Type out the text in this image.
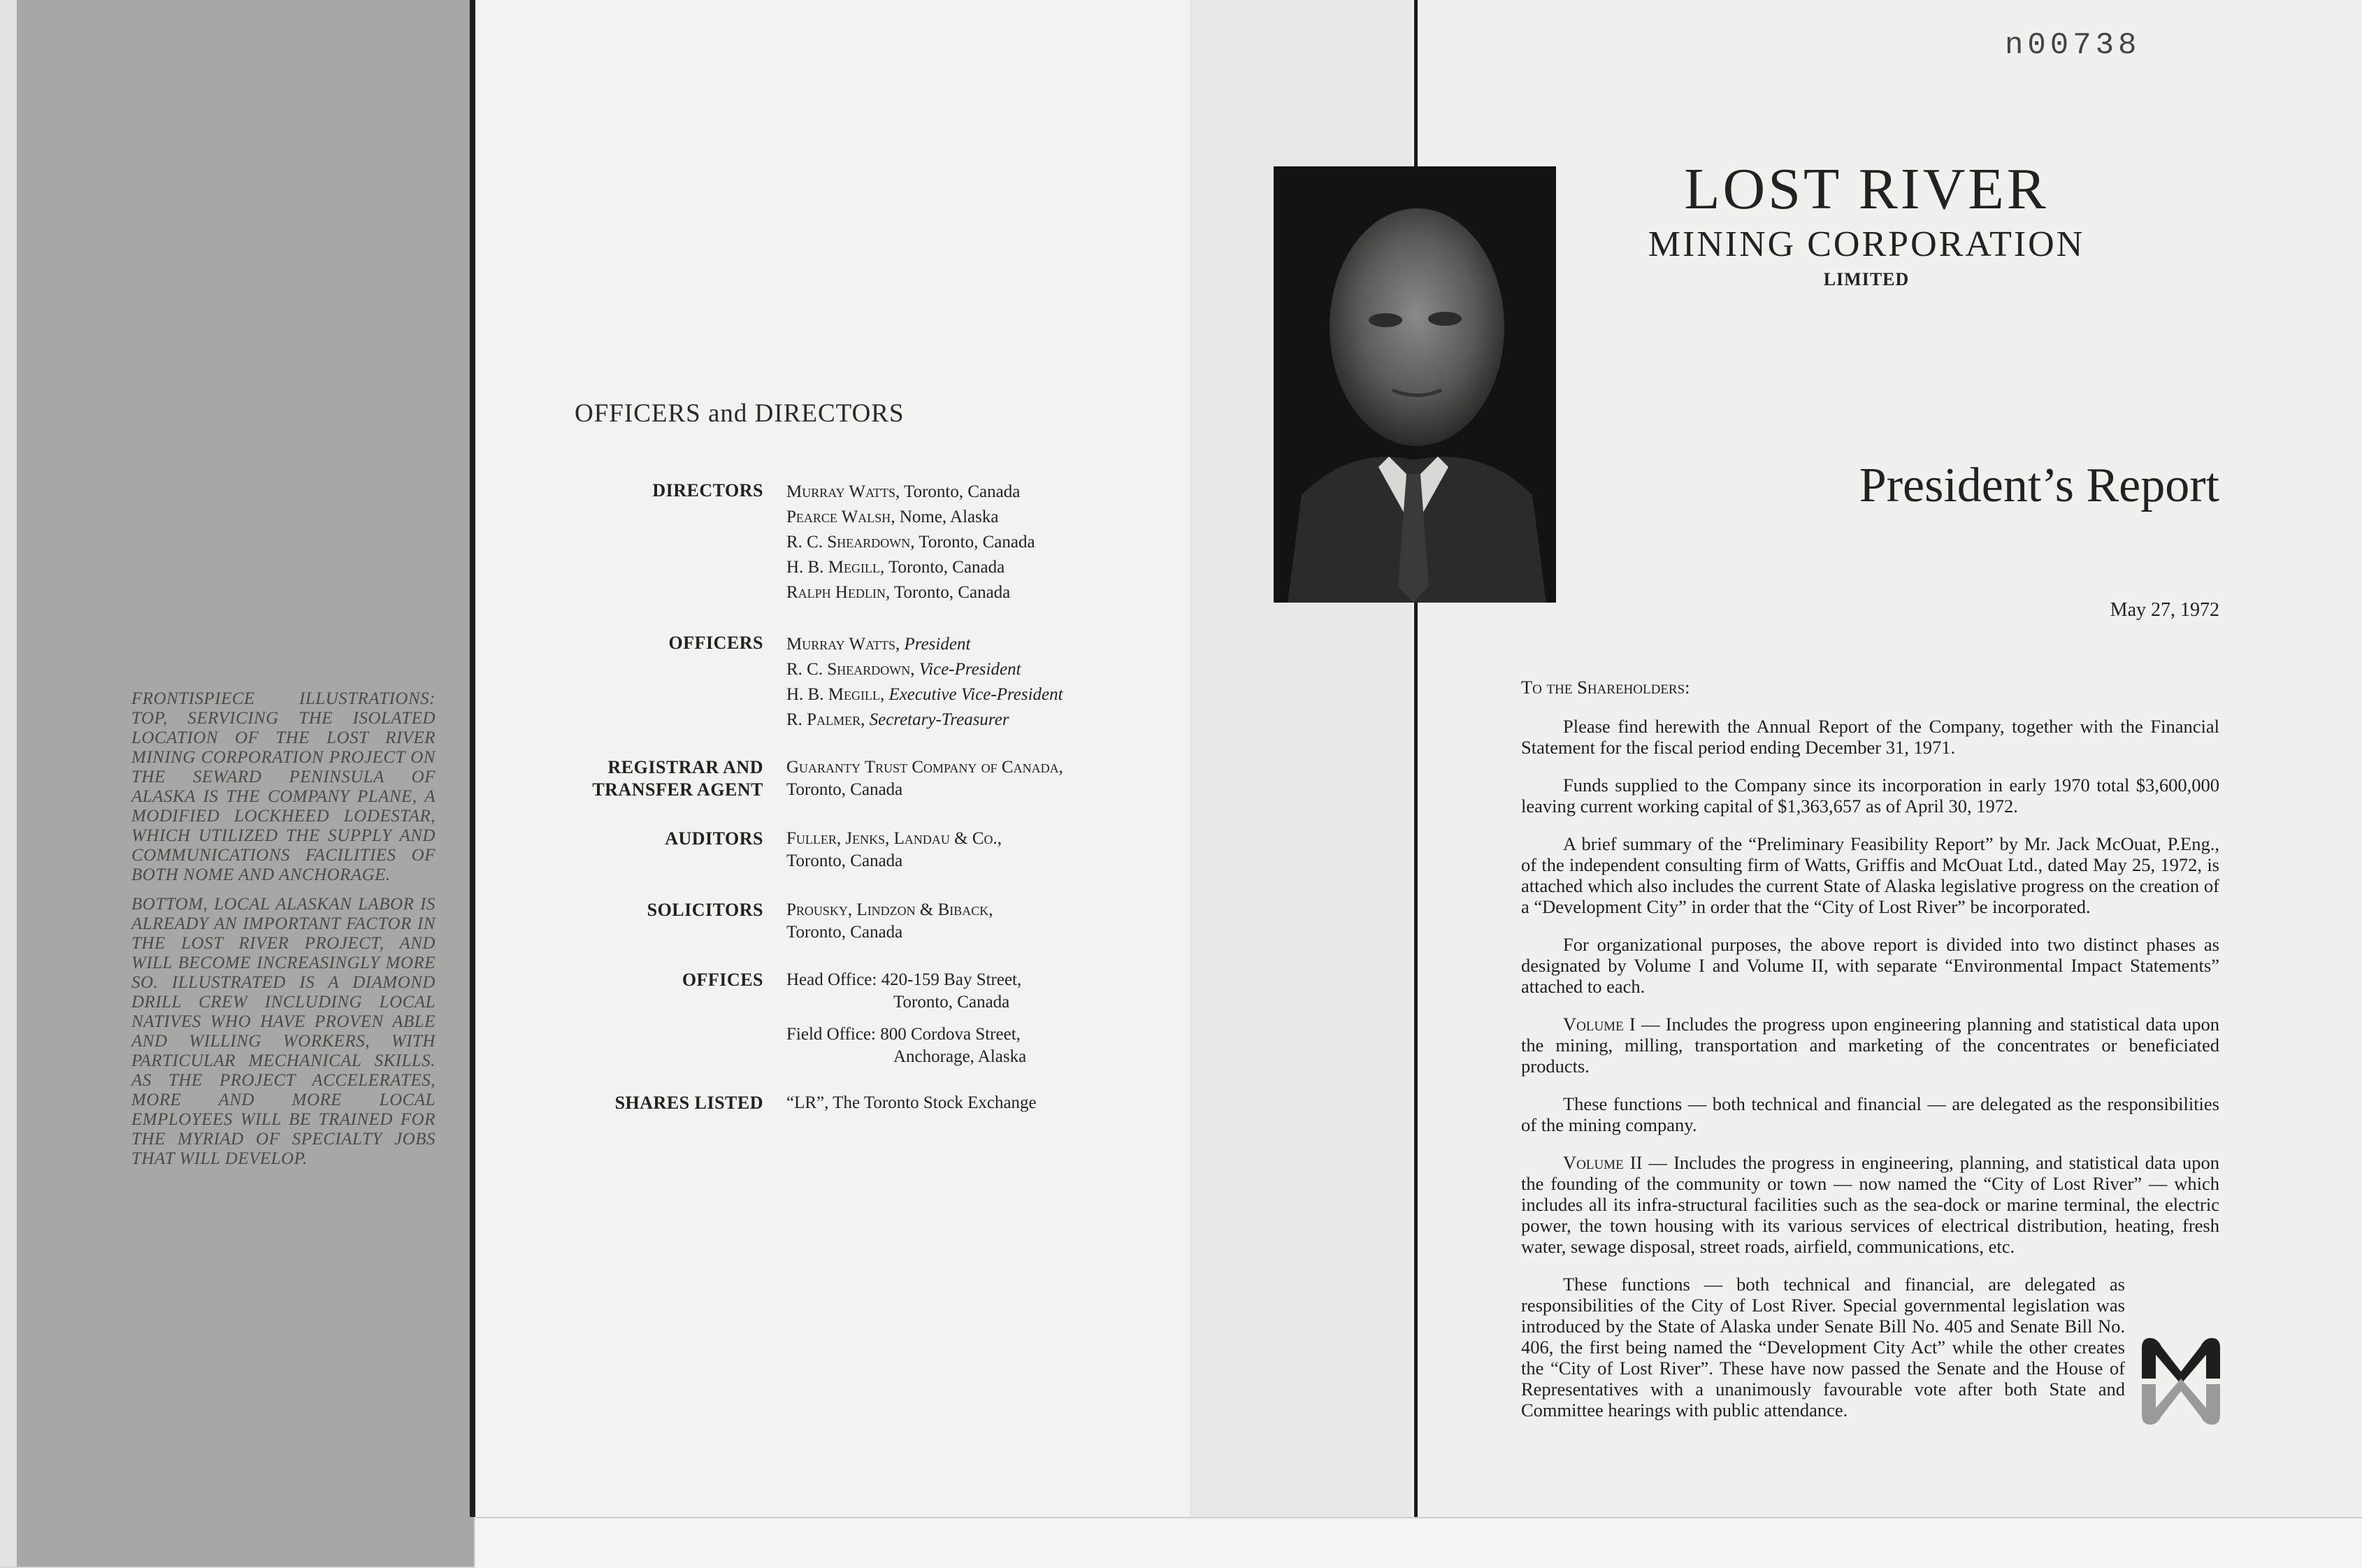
FRONTISPIECE ILLUSTRATIONS: TOP, SERVICING THE ISOLATED LOCATION OF THE LOST RIVER MINING CORPORATION PROJECT ON THE SEWARD PENINSULA OF ALASKA IS THE COMPANY PLANE, A MODIFIED LOCKHEED LODESTAR, WHICH UTILIZED THE SUPPLY AND COMMUNICATIONS FACILITIES OF BOTH NOME AND ANCHORAGE.

BOTTOM, LOCAL ALASKAN LABOR IS ALREADY AN IMPORTANT FACTOR IN THE LOST RIVER PROJECT, AND WILL BECOME INCREASINGLY MORE SO. ILLUSTRATED IS A DIAMOND DRILL CREW INCLUDING LOCAL NATIVES WHO HAVE PROVEN ABLE AND WILLING WORKERS, WITH PARTICULAR MECHANICAL SKILLS. AS THE PROJECT ACCELERATES, MORE AND MORE LOCAL EMPLOYEES WILL BE TRAINED FOR THE MYRIAD OF SPECIALTY JOBS THAT WILL DEVELOP.

OFFICERS and DIRECTORS
DIRECTORS Murray Watts, Toronto, Canada
Pearce Walsh, Nome, Alaska
R. C. Sheardown, Toronto, Canada
H. B. Megill, Toronto, Canada
Ralph Hedlin, Toronto, Canada
OFFICERS Murray Watts, President
R. C. Sheardown, Vice-President
H. B. Megill, Executive Vice-President
R. Palmer, Secretary-Treasurer
REGISTRAR AND
TRANSFER AGENT
Guaranty Trust Company of Canada,
Toronto, Canada
AUDITORS Fuller, Jenks, Landau & Co.,
Toronto, Canada
SOLICITORS Prousky, Lindzon & Biback,
Toronto, Canada
OFFICES Head Office: 420-159 Bay Street,
Toronto, Canada
Field Office: 800 Cordova Street,
Anchorage, Alaska
SHARES LISTED “LR”, The Toronto Stock Exchange
n00738
LOST RIVER
MINING CORPORATION
LIMITED
President’s Report
May 27, 1972

To the Shareholders:

Please find herewith the Annual Report of the Company, together with the Financial Statement for the fiscal period ending December 31, 1971.

Funds supplied to the Company since its incorporation in early 1970 total $3,600,000 leaving current working capital of $1,363,657 as of April 30, 1972.

A brief summary of the “Preliminary Feasibility Report” by Mr. Jack McOuat, P.Eng., of the independent consulting firm of Watts, Griffis and McOuat Ltd., dated May 25, 1972, is attached which also includes the current State of Alaska legislative progress on the creation of a “Development City” in order that the “City of Lost River” be incorporated.

For organizational purposes, the above report is divided into two distinct phases as designated by Volume I and Volume II, with separate “Environmental Impact Statements” attached to each.

Volume I — Includes the progress upon engineering planning and statistical data upon the mining, milling, transportation and marketing of the concentrates or beneficiated products.

These functions — both technical and financial — are delegated as the responsibilities of the mining company.

Volume II — Includes the progress in engineering, planning, and statistical data upon the founding of the community or town — now named the “City of Lost River” — which includes all its infra-structural facilities such as the sea-dock or marine terminal, the electric power, the town housing with its various services of electrical distribution, heating, fresh water, sewage disposal, street roads, airfield, communications, etc.

These functions — both technical and financial, are delegated as responsibilities of the City of Lost River. Special governmental legislation was introduced by the State of Alaska under Senate Bill No. 405 and Senate Bill No. 406, the first being named the “Development City Act” while the other creates the “City of Lost River”. These have now passed the Senate and the House of Representatives with a unanimously favourable vote after both State and Committee hearings with public attendance.
